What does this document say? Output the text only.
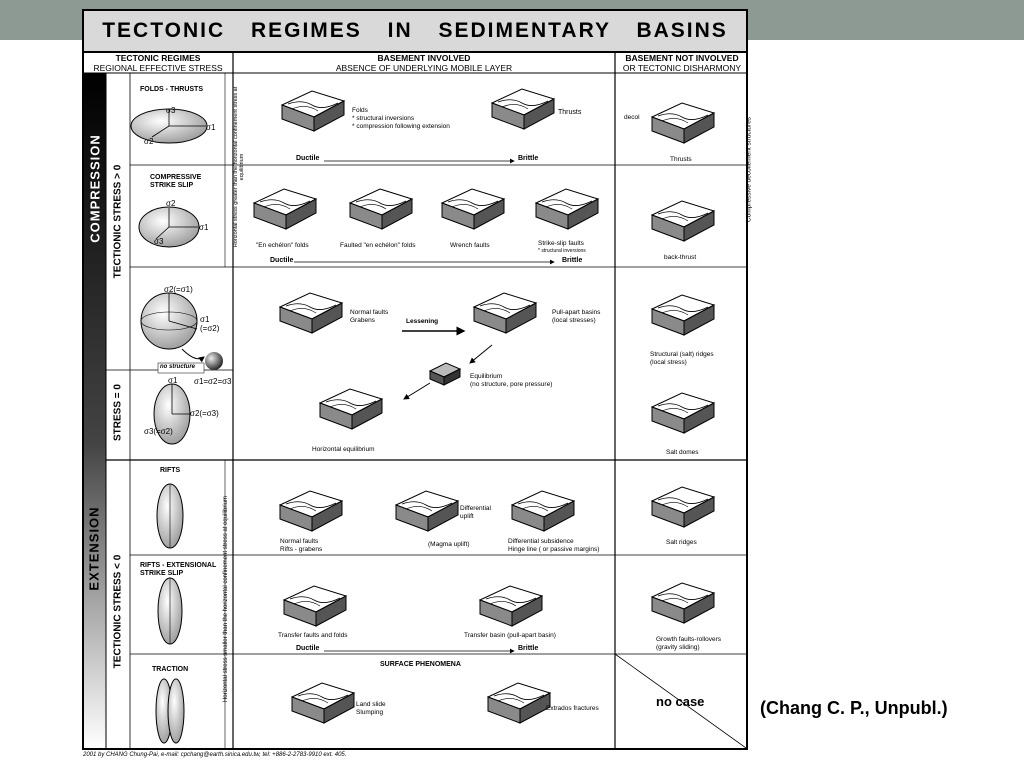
TECTONIC REGIMES IN SEDIMENTARY BASINS
TECTONIC REGIMES
REGIONAL EFFECTIVE STRESS
BASEMENT INVOLVED
ABSENCE OF UNDERLYING MOBILE LAYER
BASEMENT NOT INVOLVED
OR TECTONIC DISHARMONY
COMPRESSION
EXTENSION
TECTIONIC STRESS > 0
STRESS = 0
TECTIONIC STRESS < 0
Horizontal stress greater than the horizontal confinement stress at equilibrium
Horizontal stress smaller than the horizontal confinement stress at equilibrium
Compressive decollement structures
FOLDS - THRUSTS
COMPRESSIVE
STRIKE SLIP
no structure
RIFTS
RIFTS - EXTENSIONAL
STRIKE SLIP
TRACTION
σ3
σ1
σ2
σ2
σ1
σ3
σ2(=σ1)
σ1
(=σ2)
σ1 σ1=σ2=σ3
σ2(=σ3)
σ3(=σ2)
Folds
* structural inversions
* compression following extension
Thrusts
Ductile	Brittle
"En echélon" folds	Faulted "en echélon" folds	Wrench faults	Strike-slip faults
* structural inversions
Ductile	Brittle
Normal faults
Grabens	Lessening
Pull-apart basins
(local stresses)
Equilibrium
(no structure, pore pressure)
Horizontal equilibrium
Normal faults
Rifts - grabens
Differential
uplift
(Magma uplift)	Differential subsidence
Hinge line ( or passive margins)
Transfer faults and folds	Transfer basin (pull-apart basin)
Ductile	Brittle
SURFACE PHENOMENA
Land slide
Slumping
Extrados fractures
decol
Thrusts
back-thrust
Structural (salt) ridges
(local stress)
Salt domes
Salt ridges
Growth faults-rollovers
(gravity sliding)
no case	(Chang C. P., Unpubl.)
2001 by CHANG Chung-Pai, e-mail: cpchang@earth.sinica.edu.tw, tel: +886-2-2783-9910 ext. 405.
